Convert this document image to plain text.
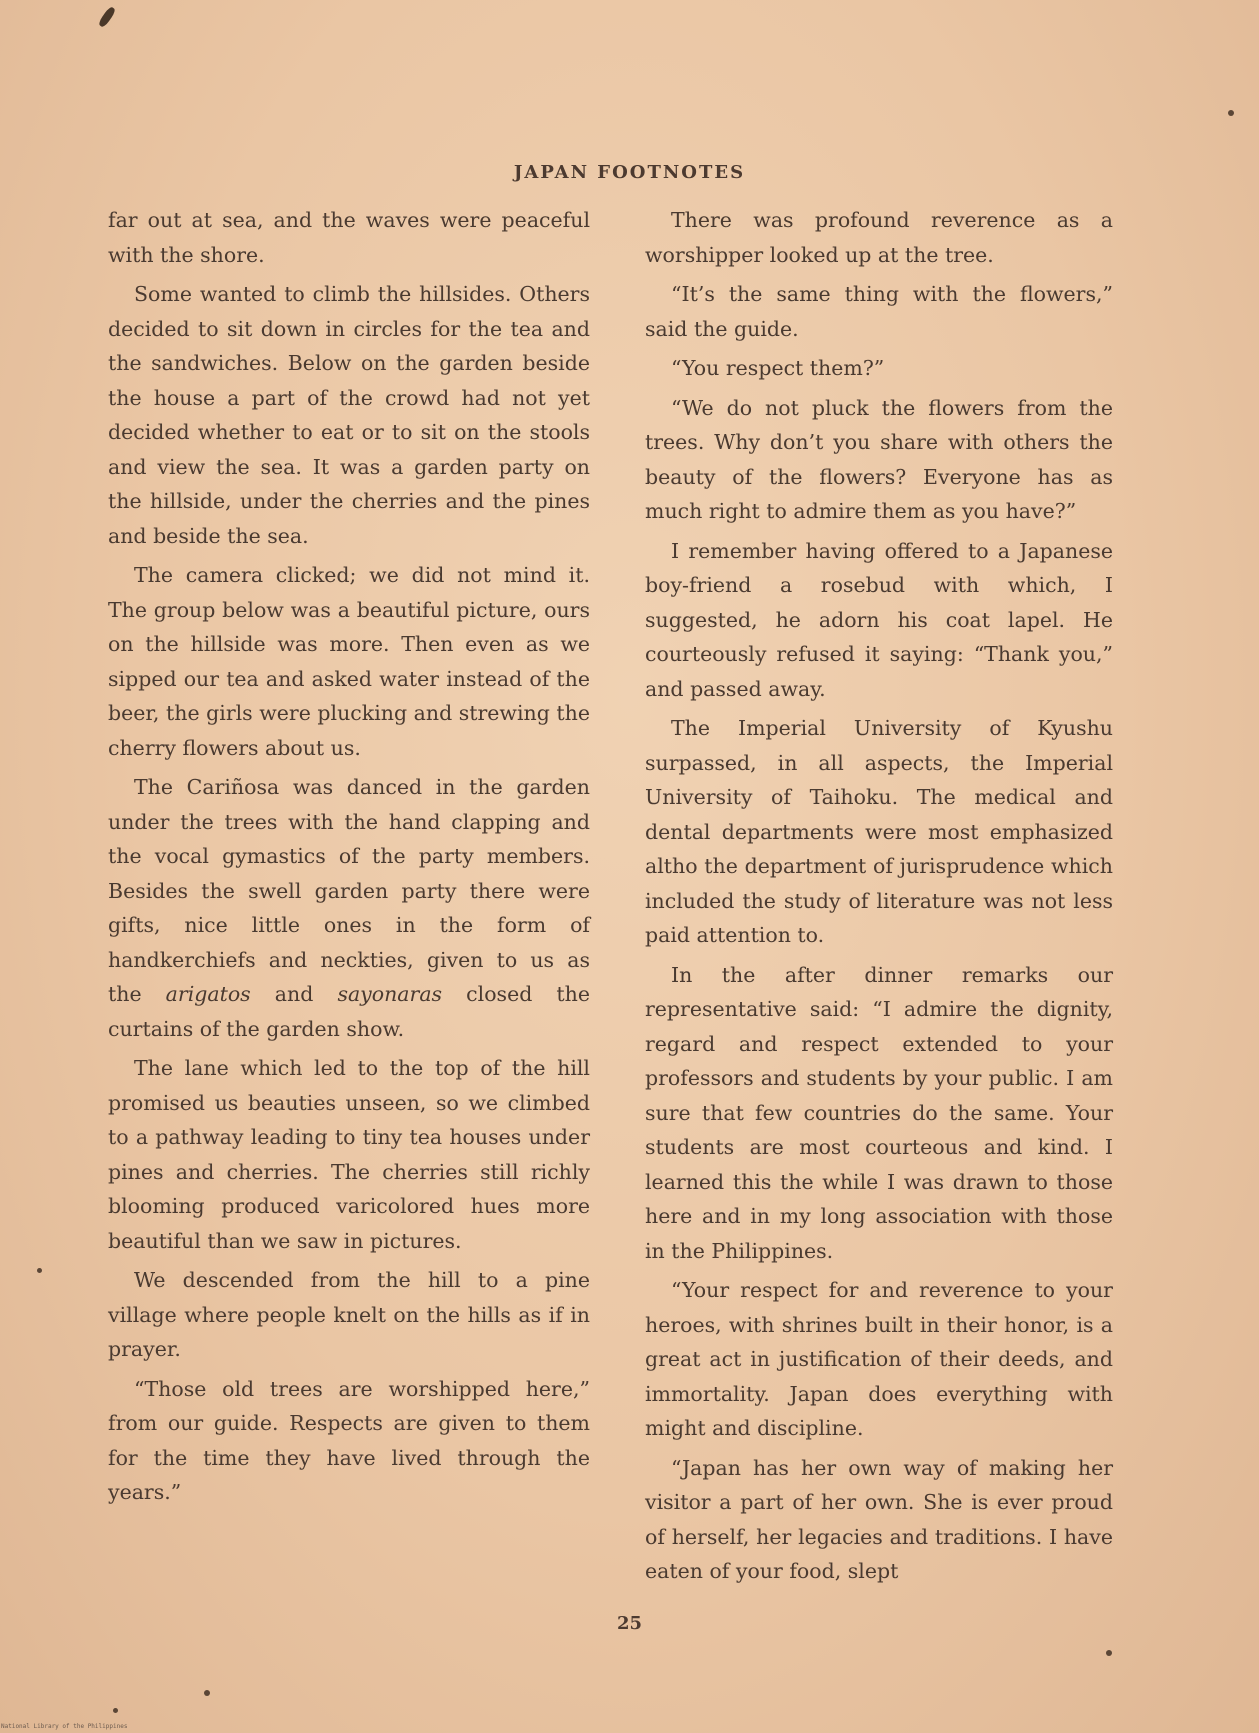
JAPAN FOOTNOTES

far out at sea, and the waves were peaceful with the shore.

Some wanted to climb the hillsides. Others decided to sit down in circles for the tea and the sandwiches. Below on the garden beside the house a part of the crowd had not yet decided whether to eat or to sit on the stools and view the sea. It was a garden party on the hillside, under the cherries and the pines and beside the sea.

The camera clicked; we did not mind it. The group below was a beautiful picture, ours on the hillside was more. Then even as we sipped our tea and asked water instead of the beer, the girls were plucking and strewing the cherry flowers about us.

The Cariñosa was danced in the garden under the trees with the hand clapping and the vocal gymastics of the party members. Besides the swell garden party there were gifts, nice little ones in the form of handkerchiefs and neckties, given to us as the arigatos and sayonaras closed the curtains of the garden show.

The lane which led to the top of the hill promised us beauties unseen, so we climbed to a pathway leading to tiny tea houses under pines and cherries. The cherries still richly blooming produced varicolored hues more beautiful than we saw in pictures.

We descended from the hill to a pine village where people knelt on the hills as if in prayer.

“Those old trees are worshipped here,” from our guide. Respects are given to them for the time they have lived through the years.”

There was profound reverence as a worshipper looked up at the tree.

“It’s the same thing with the flowers,” said the guide.

“You respect them?”

“We do not pluck the flowers from the trees. Why don’t you share with others the beauty of the flowers? Everyone has as much right to admire them as you have?”

I remember having offered to a Japanese boy-friend a rosebud with which, I suggested, he adorn his coat lapel. He courteously refused it saying: “Thank you,” and passed away.

The Imperial University of Kyushu surpassed, in all aspects, the Imperial University of Taihoku. The medical and dental departments were most emphasized altho the department of jurisprudence which included the study of literature was not less paid attention to.

In the after dinner remarks our representative said: “I admire the dignity, regard and respect extended to your professors and students by your public. I am sure that few countries do the same. Your students are most courteous and kind. I learned this the while I was drawn to those here and in my long association with those in the Philippines.

“Your respect for and reverence to your heroes, with shrines built in their honor, is a great act in justification of their deeds, and immortality. Japan does everything with might and discipline.

“Japan has her own way of making her visitor a part of her own. She is ever proud of herself, her legacies and traditions. I have eaten of your food, slept

25
National Library of the Philippines
